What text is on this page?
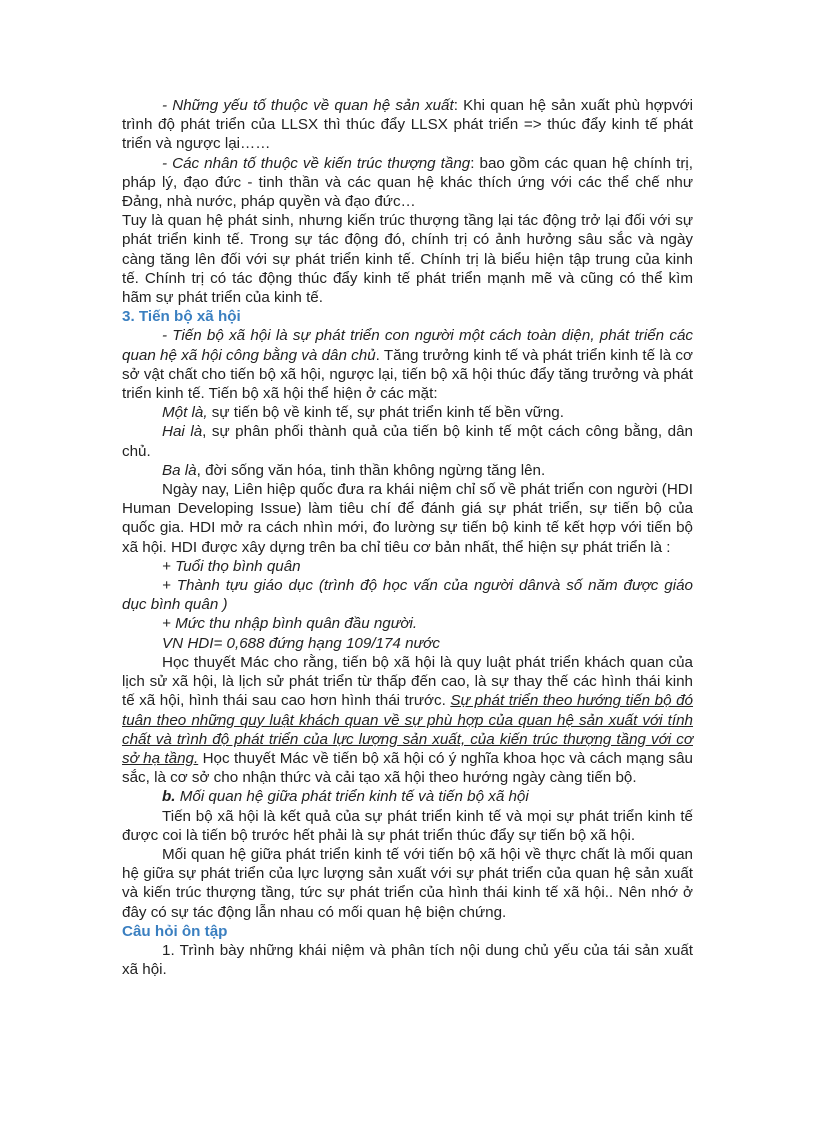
- Những yếu tố thuộc về quan hệ sản xuất: Khi quan hệ sản xuất phù hợpvới trình độ phát triển của LLSX thì thúc đẩy LLSX phát triển => thúc đẩy kinh tế phát triển và ngược lại……

- Các nhân tố thuộc về kiến trúc thượng tầng: bao gồm các quan hệ chính trị, pháp lý, đạo đức - tinh thần và các quan hệ khác thích ứng với các thể chế như Đảng, nhà nước, pháp quyền và đạo đức…

Tuy là quan hệ phát sinh, nhưng kiến trúc thượng tầng lại tác động trở lại đối với sự phát triển kinh tế. Trong sự tác động đó, chính trị có ảnh hưởng sâu sắc và ngày càng tăng lên đối với sự phát triển kinh tế. Chính trị là biểu hiện tập trung của kinh tế. Chính trị có tác động thúc đẩy kinh tế phát triển mạnh mẽ và cũng có thể kìm hãm sự phát triển của kinh tế.

3. Tiến bộ xã hội

- Tiến bộ xã hội là sự phát triển con người một cách toàn diện, phát triển các quan hệ xã hội công bằng và dân chủ. Tăng trưởng kinh tế và phát triển kinh tế là cơ sở vật chất cho tiến bộ xã hội, ngược lại, tiến bộ xã hội thúc đẩy tăng trưởng và phát triển kinh tế. Tiến bộ xã hội thể hiện ở các mặt:

Một là, sự tiến bộ về kinh tế, sự phát triển kinh tế bền vững.

Hai là, sự phân phối thành quả của tiến bộ kinh tế một cách công bằng, dân chủ.

Ba là, đời sống văn hóa, tinh thần không ngừng tăng lên.

Ngày nay, Liên hiệp quốc đưa ra khái niệm chỉ số về phát triển con người (HDI Human Developing Issue) làm tiêu chí để đánh giá sự phát triển, sự tiến bộ của quốc gia. HDI mở ra cách nhìn mới, đo lường sự tiến bộ kinh tế kết hợp với tiến bộ xã hội. HDI được xây dựng trên ba chỉ tiêu cơ bản nhất, thể hiện sự phát triển là :

+ Tuổi thọ bình quân

+ Thành tựu giáo dục (trình độ học vấn của người dânvà số năm được giáo dục bình quân )

+ Mức thu nhập bình quân đầu người.

VN HDI= 0,688 đứng hạng 109/174 nước

Học thuyết Mác cho rằng, tiến bộ xã hội là quy luật phát triển khách quan của lịch sử xã hội, là lịch sử phát triển từ thấp đến cao, là sự thay thế các hình thái kinh tế xã hội, hình thái sau cao hơn hình thái trước. Sự phát triển theo hướng tiến bộ đó tuân theo những quy luật khách quan về sự phù hợp của quan hệ sản xuất với tính chất và trình độ phát triển của lực lượng sản xuất, của kiến trúc thượng tầng với cơ sở hạ tầng. Học thuyết Mác về tiến bộ xã hội có ý nghĩa khoa học và cách mạng sâu sắc, là cơ sở cho nhận thức và cải tạo xã hội theo hướng ngày càng tiến bộ.

b. Mối quan hệ giữa phát triển kinh tế và tiến bộ xã hội

Tiến bộ xã hội là kết quả của sự phát triển kinh tế và mọi sự phát triển kinh tế được coi là tiến bộ trước hết phải là sự phát triển thúc đẩy sự tiến bộ xã hội.

Mối quan hệ giữa phát triển kinh tế với tiến bộ xã hội về thực chất là mối quan hệ giữa sự phát triển của lực lượng sản xuất với sự phát triển của quan hệ sản xuất và kiến trúc thượng tầng, tức sự phát triển của hình thái kinh tế xã hội.. Nên nhớ ở đây có sự tác động lẫn nhau có mối quan hệ biện chứng.

Câu hỏi ôn tập

1. Trình bày những khái niệm và phân tích nội dung chủ yếu của tái sản xuất xã hội.
